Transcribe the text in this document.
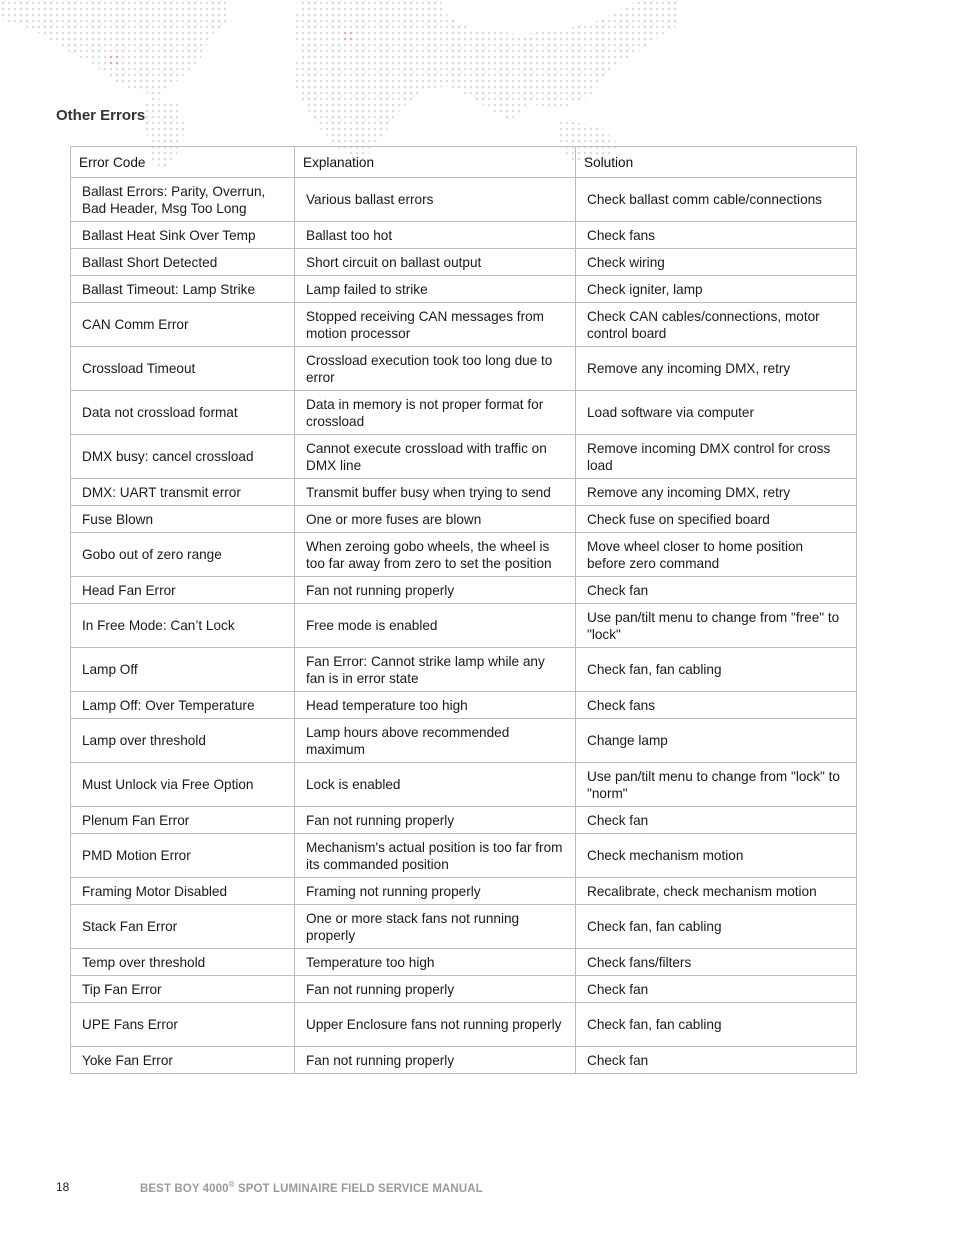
Other Errors
Error Code	Explanation	Solution
Ballast Errors: Parity, Overrun, Bad Header, Msg Too Long	Various ballast errors	Check ballast comm cable/connections
Ballast Heat Sink Over Temp	Ballast too hot	Check fans
Ballast Short Detected	Short circuit on ballast output	Check wiring
Ballast Timeout: Lamp Strike	Lamp failed to strike	Check igniter, lamp
CAN Comm Error	Stopped receiving CAN messages from motion processor	Check CAN cables/connections, motor control board
Crossload Timeout	Crossload execution took too long due to error	Remove any incoming DMX, retry
Data not crossload format	Data in memory is not proper format for crossload	Load software via computer
DMX busy: cancel crossload	Cannot execute crossload with traffic on DMX line	Remove incoming DMX control for cross load
DMX: UART transmit error	Transmit buffer busy when trying to send	Remove any incoming DMX, retry
Fuse Blown	One or more fuses are blown	Check fuse on specified board
Gobo out of zero range	When zeroing gobo wheels, the wheel is too far away from zero to set the position	Move wheel closer to home position before zero command
Head Fan Error	Fan not running properly	Check fan
In Free Mode: Can’t Lock	Free mode is enabled	Use pan/tilt menu to change from "free" to "lock"
Lamp Off	Fan Error: Cannot strike lamp while any fan is in error state	Check fan, fan cabling
Lamp Off: Over Temperature	Head temperature too high	Check fans
Lamp over threshold	Lamp hours above recommended maximum	Change lamp
Must Unlock via Free Option	Lock is enabled	Use pan/tilt menu to change from "lock" to "norm"
Plenum Fan Error	Fan not running properly	Check fan
PMD Motion Error	Mechanism's actual position is too far from its commanded position	Check mechanism motion
Framing Motor Disabled	Framing not running properly	Recalibrate, check mechanism motion
Stack Fan Error	One or more stack fans not running properly	Check fan, fan cabling
Temp over threshold	Temperature too high	Check fans/filters
Tip Fan Error	Fan not running properly	Check fan
UPE Fans Error	Upper Enclosure fans not running properly	Check fan, fan cabling
Yoke Fan Error	Fan not running properly	Check fan
18	BEST BOY 4000® SPOT LUMINAIRE FIELD SERVICE MANUAL
